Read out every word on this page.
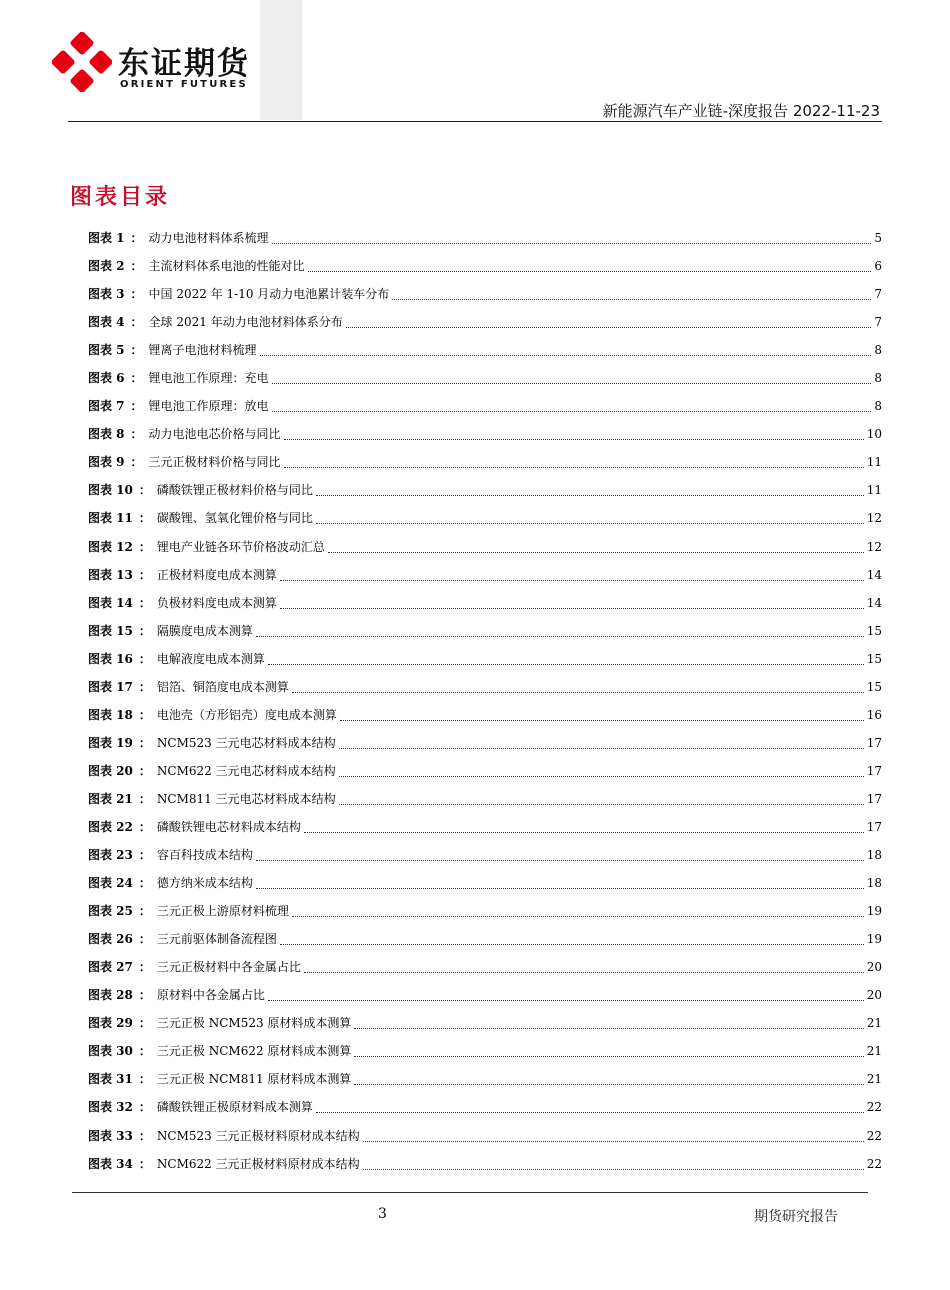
东证期货
ORIENT FUTURES
新能源汽车产业链-深度报告 2022-11-23
图表目录
图表 1 ： 动力电池材料体系梳理	5
图表 2 ： 主流材料体系电池的性能对比	6
图表 3 ： 中国 2022 年 1-10 月动力电池累计装车分布	7
图表 4 ： 全球 2021 年动力电池材料体系分布	7
图表 5 ： 锂离子电池材料梳理	8
图表 6 ： 锂电池工作原理：充电	8
图表 7 ： 锂电池工作原理：放电	8
图表 8 ： 动力电池电芯价格与同比	10
图表 9 ： 三元正极材料价格与同比	11
图表 10 ： 磷酸铁锂正极材料价格与同比	11
图表 11 ： 碳酸锂、氢氧化锂价格与同比	12
图表 12 ： 锂电产业链各环节价格波动汇总	12
图表 13 ： 正极材料度电成本测算	14
图表 14 ： 负极材料度电成本测算	14
图表 15 ： 隔膜度电成本测算	15
图表 16 ： 电解液度电成本测算	15
图表 17 ： 铝箔、铜箔度电成本测算	15
图表 18 ： 电池壳（方形铝壳）度电成本测算	16
图表 19 ： NCM523 三元电芯材料成本结构	17
图表 20 ： NCM622 三元电芯材料成本结构	17
图表 21 ： NCM811 三元电芯材料成本结构	17
图表 22 ： 磷酸铁锂电芯材料成本结构	17
图表 23 ： 容百科技成本结构	18
图表 24 ： 德方纳米成本结构	18
图表 25 ： 三元正极上游原材料梳理	19
图表 26 ： 三元前驱体制备流程图	19
图表 27 ： 三元正极材料中各金属占比	20
图表 28 ： 原材料中各金属占比	20
图表 29 ： 三元正极 NCM523 原材料成本测算	21
图表 30 ： 三元正极 NCM622 原材料成本测算	21
图表 31 ： 三元正极 NCM811 原材料成本测算	21
图表 32 ： 磷酸铁锂正极原材料成本测算	22
图表 33 ： NCM523 三元正极材料原材成本结构	22
图表 34 ： NCM622 三元正极材料原材成本结构	22
3	期货研究报告
